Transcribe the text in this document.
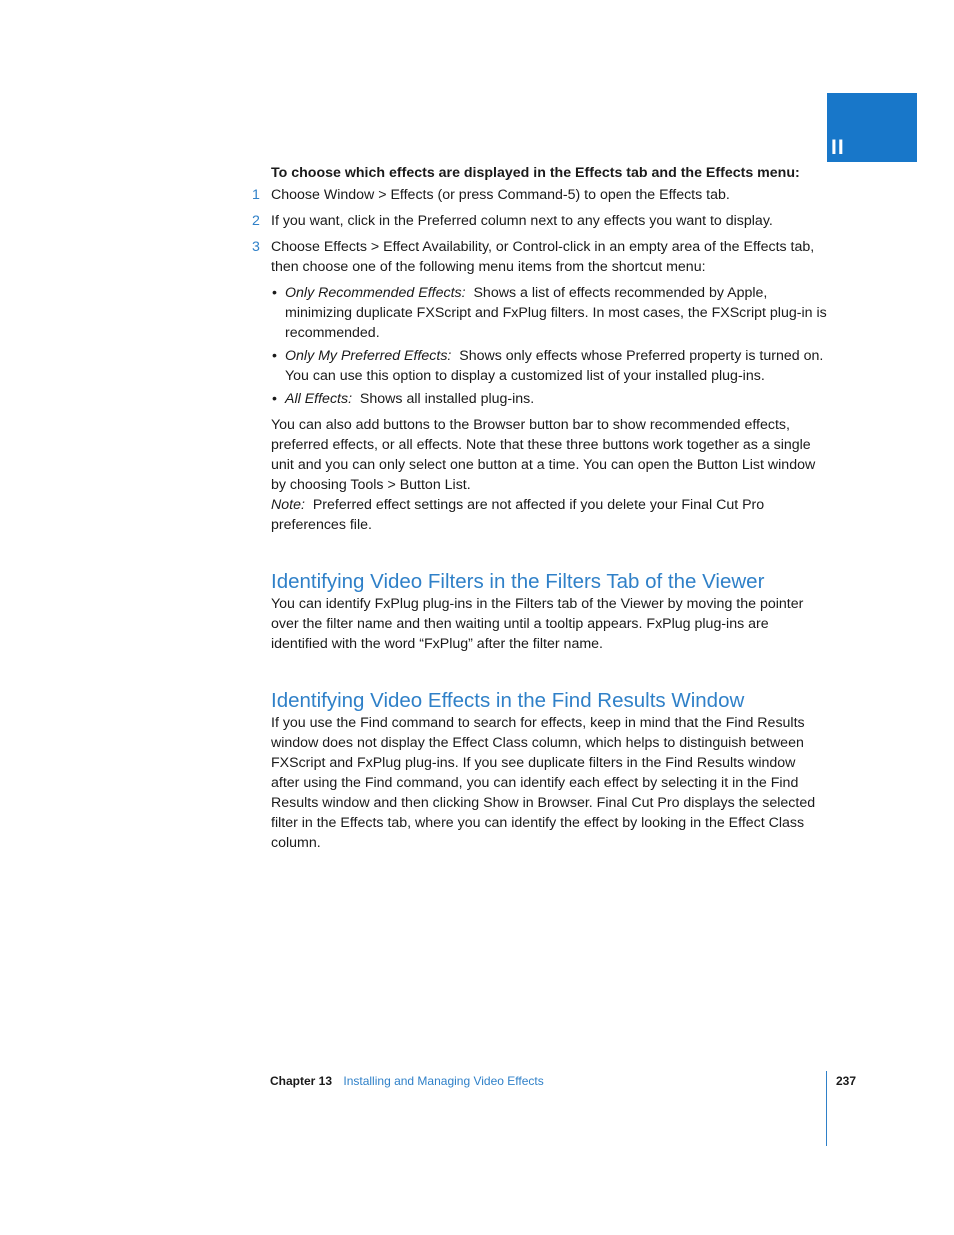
II

To choose which effects are displayed in the Effects tab and the Effects menu:

1 Choose Window > Effects (or press Command-5) to open the Effects tab.
2 If you want, click in the Preferred column next to any effects you want to display.
3 Choose Effects > Effect Availability, or Control-click in an empty area of the Effects tab, then choose one of the following menu items from the shortcut menu:
• Only Recommended Effects: Shows a list of effects recommended by Apple, minimizing duplicate FXScript and FxPlug filters. In most cases, the FXScript plug-in is recommended.
• Only My Preferred Effects: Shows only effects whose Preferred property is turned on. You can use this option to display a customized list of your installed plug-ins.
• All Effects: Shows all installed plug-ins.

You can also add buttons to the Browser button bar to show recommended effects, preferred effects, or all effects. Note that these three buttons work together as a single unit and you can only select one button at a time. You can open the Button List window by choosing Tools > Button List.

Note: Preferred effect settings are not affected if you delete your Final Cut Pro preferences file.

Identifying Video Filters in the Filters Tab of the Viewer

You can identify FxPlug plug-ins in the Filters tab of the Viewer by moving the pointer over the filter name and then waiting until a tooltip appears. FxPlug plug-ins are identified with the word “FxPlug” after the filter name.

Identifying Video Effects in the Find Results Window

If you use the Find command to search for effects, keep in mind that the Find Results window does not display the Effect Class column, which helps to distinguish between FXScript and FxPlug plug-ins. If you see duplicate filters in the Find Results window after using the Find command, you can identify each effect by selecting it in the Find Results window and then clicking Show in Browser. Final Cut Pro displays the selected filter in the Effects tab, where you can identify the effect by looking in the Effect Class column.

Chapter 13 Installing and Managing Video Effects	237
